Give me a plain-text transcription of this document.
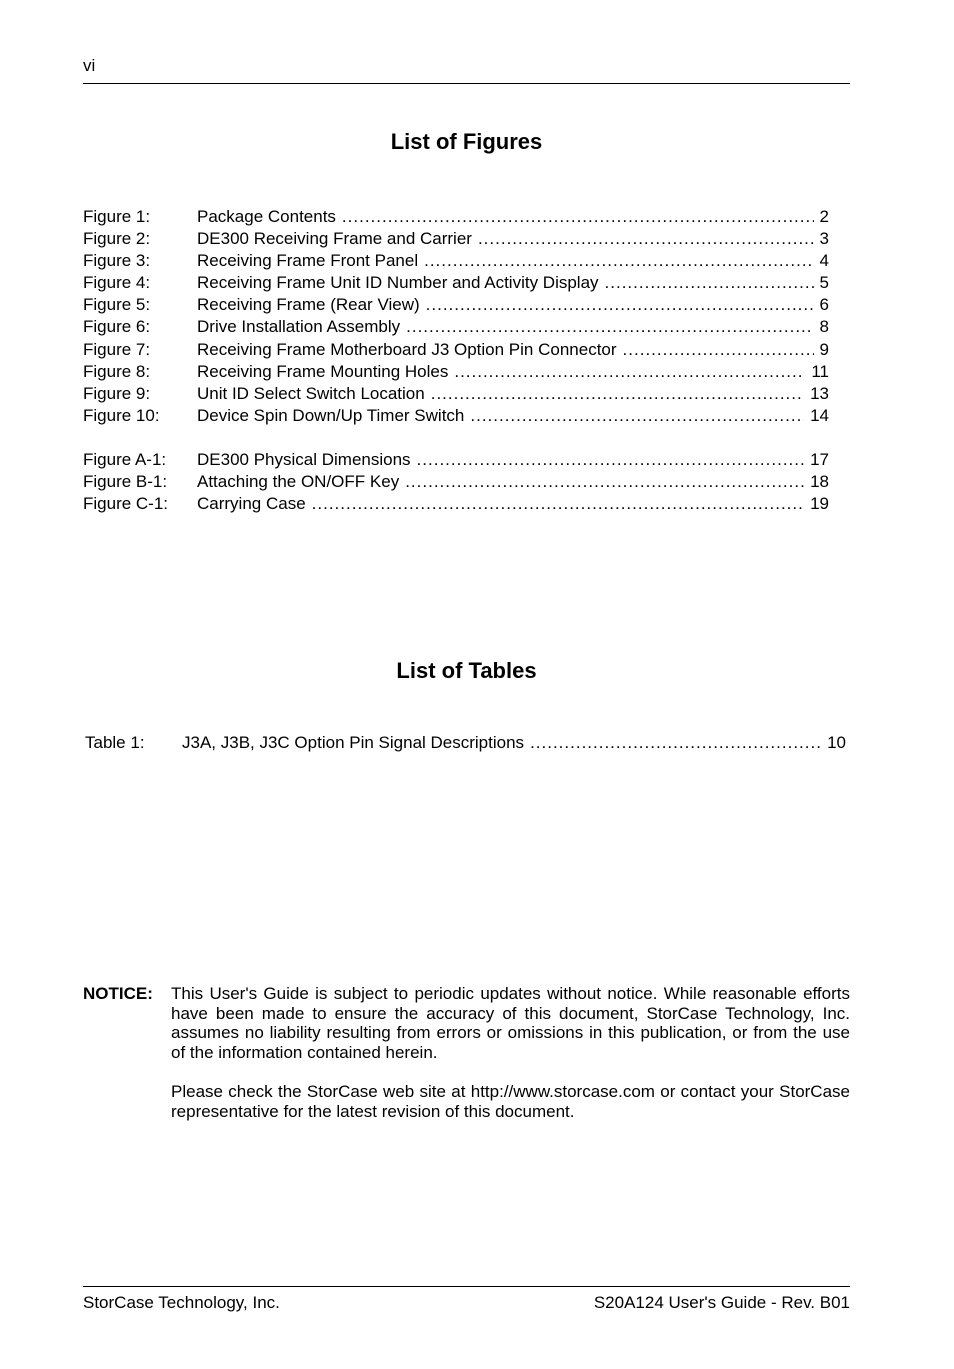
vi
List of Figures
Figure 1:	Package Contents .....	2
Figure 2:	DE300 Receiving Frame and Carrier .....	3
Figure 3:	Receiving Frame Front Panel .....	4
Figure 4:	Receiving Frame Unit ID Number and Activity Display .....	5
Figure 5:	Receiving Frame (Rear View) .....	6
Figure 6:	Drive Installation Assembly .....	8
Figure 7:	Receiving Frame Motherboard J3 Option Pin Connector .....	9
Figure 8:	Receiving Frame Mounting Holes .....	11
Figure 9:	Unit ID Select Switch Location .....	13
Figure 10:	Device Spin Down/Up Timer Switch .....	14
Figure A-1:	DE300 Physical Dimensions .....	17
Figure B-1:	Attaching the ON/OFF Key .....	18
Figure C-1:	Carrying Case .....	19
List of Tables
Table 1:	J3A, J3B, J3C Option Pin Signal Descriptions .....	10
NOTICE: This User's Guide is subject to periodic updates without notice. While reasonable efforts have been made to ensure the accuracy of this document, StorCase Technology, Inc. assumes no liability resulting from errors or omissions in this publication, or from the use of the information contained herein.

Please check the StorCase web site at http://www.storcase.com or contact your StorCase representative for the latest revision of this document.

StorCase Technology, Inc.	S20A124 User's Guide - Rev. B01
